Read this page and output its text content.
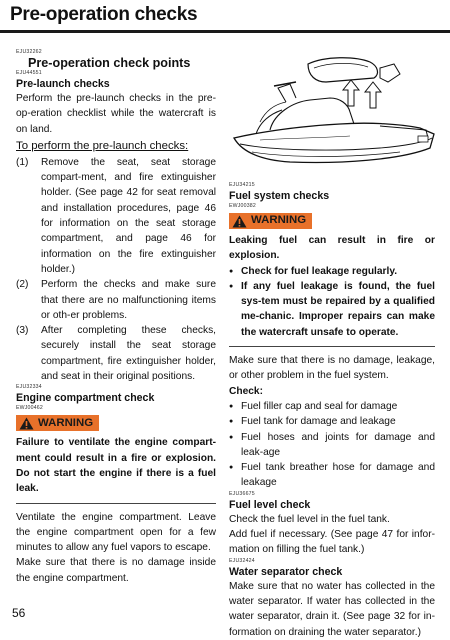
Pre-operation checks
EJU32262
Pre-operation check points
EJU44551
Pre-launch checks
Perform the pre-launch checks in the pre-op-eration checklist while the watercraft is on land.
To perform the pre-launch checks:
(1) Remove the seat, seat storage compart-ment, and fire extinguisher holder. (See page 42 for seat removal and installation procedures, page 46 for information on the seat storage compartment, and page 46 for information on the fire extinguisher holder.)
(2) Perform the checks and make sure that there are no malfunctioning items or oth-er problems.
(3) After completing these checks, securely install the seat storage compartment, fire extinguisher holder, and seat in their original positions.
EJU32334
Engine compartment check
EWJ00462
WARNING
Failure to ventilate the engine compart-ment could result in a fire or explosion. Do not start the engine if there is a fuel leak.
Ventilate the engine compartment. Leave the engine compartment open for a few minutes to allow any fuel vapors to escape.
Make sure that there is no damage inside the engine compartment.
EJU34215
Fuel system checks
EWJ00382
WARNING
Leaking fuel can result in fire or explosion.
● Check for fuel leakage regularly.
● If any fuel leakage is found, the fuel sys-tem must be repaired by a qualified me-chanic. Improper repairs can make the watercraft unsafe to operate.
Make sure that there is no damage, leakage, or other problem in the fuel system.
Check:
● Fuel filler cap and seal for damage
● Fuel tank for damage and leakage
● Fuel hoses and joints for damage and leak-age
● Fuel tank breather hose for damage and leakage
EJU36675
Fuel level check
Check the fuel level in the fuel tank.
Add fuel if necessary. (See page 47 for infor-mation on filling the fuel tank.)
EJU32424
Water separator check
Make sure that no water has collected in the water separator. If water has collected in the water separator, drain it. (See page 32 for in-formation on draining the water separator.)
56
